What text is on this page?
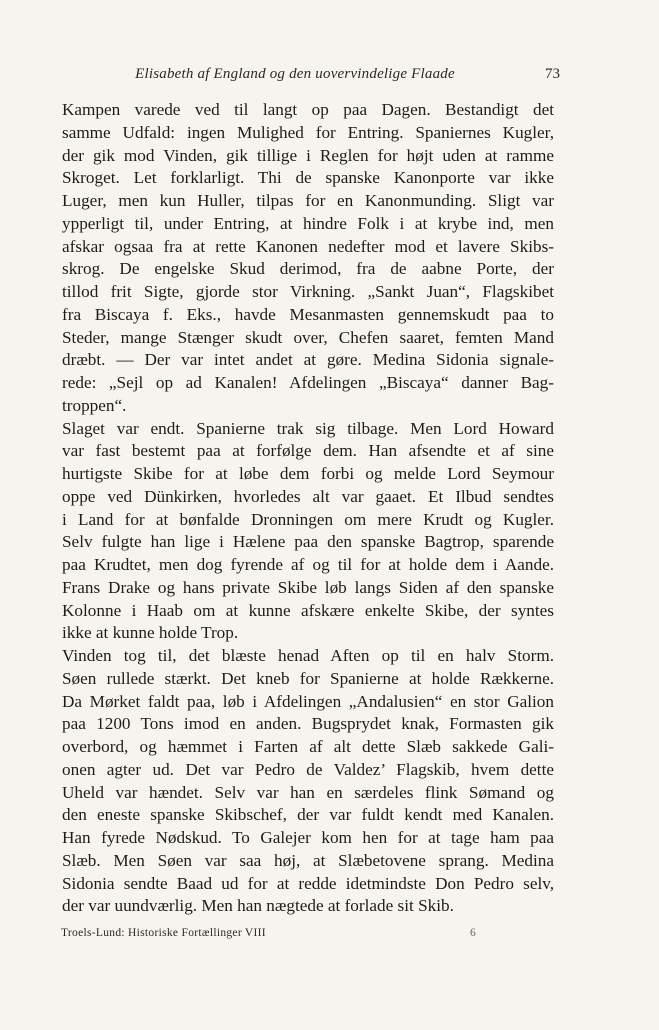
Elisabeth af England og den uovervindelige Flaade	73
Kampen varede ved til langt op paa Dagen. Bestandigt det
samme Udfald: ingen Mulighed for Entring. Spaniernes Kugler,
der gik mod Vinden, gik tillige i Reglen for højt uden at ramme
Skroget. Let forklarligt. Thi de spanske Kanonporte var ikke
Luger, men kun Huller, tilpas for en Kanonmunding. Sligt var
ypperligt til, under Entring, at hindre Folk i at krybe ind, men
afskar ogsaa fra at rette Kanonen nedefter mod et lavere Skibs-
skrog. De engelske Skud derimod, fra de aabne Porte, der
tillod frit Sigte, gjorde stor Virkning. „Sankt Juan“, Flagskibet
fra Biscaya f. Eks., havde Mesanmasten gennemskudt paa to
Steder, mange Stænger skudt over, Chefen saaret, femten Mand
dræbt. — Der var intet andet at gøre. Medina Sidonia signale-
rede: „Sejl op ad Kanalen! Afdelingen „Biscaya“ danner Bag-
troppen“.
Slaget var endt. Spanierne trak sig tilbage. Men Lord Howard
var fast bestemt paa at forfølge dem. Han afsendte et af sine
hurtigste Skibe for at løbe dem forbi og melde Lord Seymour
oppe ved Dünkirken, hvorledes alt var gaaet. Et Ilbud sendtes
i Land for at bønfalde Dronningen om mere Krudt og Kugler.
Selv fulgte han lige i Hælene paa den spanske Bagtrop, sparende
paa Krudtet, men dog fyrende af og til for at holde dem i Aande.
Frans Drake og hans private Skibe løb langs Siden af den spanske
Kolonne i Haab om at kunne afskære enkelte Skibe, der syntes
ikke at kunne holde Trop.
Vinden tog til, det blæste henad Aften op til en halv Storm.
Søen rullede stærkt. Det kneb for Spanierne at holde Rækkerne.
Da Mørket faldt paa, løb i Afdelingen „Andalusien“ en stor Galion
paa 1200 Tons imod en anden. Bugsprydet knak, Formasten gik
overbord, og hæmmet i Farten af alt dette Slæb sakkede Gali-
onen agter ud. Det var Pedro de Valdez’ Flagskib, hvem dette
Uheld var hændet. Selv var han en særdeles flink Sømand og
den eneste spanske Skibschef, der var fuldt kendt med Kanalen.
Han fyrede Nødskud. To Galejer kom hen for at tage ham paa
Slæb. Men Søen var saa høj, at Slæbetovene sprang. Medina
Sidonia sendte Baad ud for at redde idetmindste Don Pedro selv,
der var uundværlig. Men han nægtede at forlade sit Skib.
Troels-Lund: Historiske Fortællinger VIII	6
